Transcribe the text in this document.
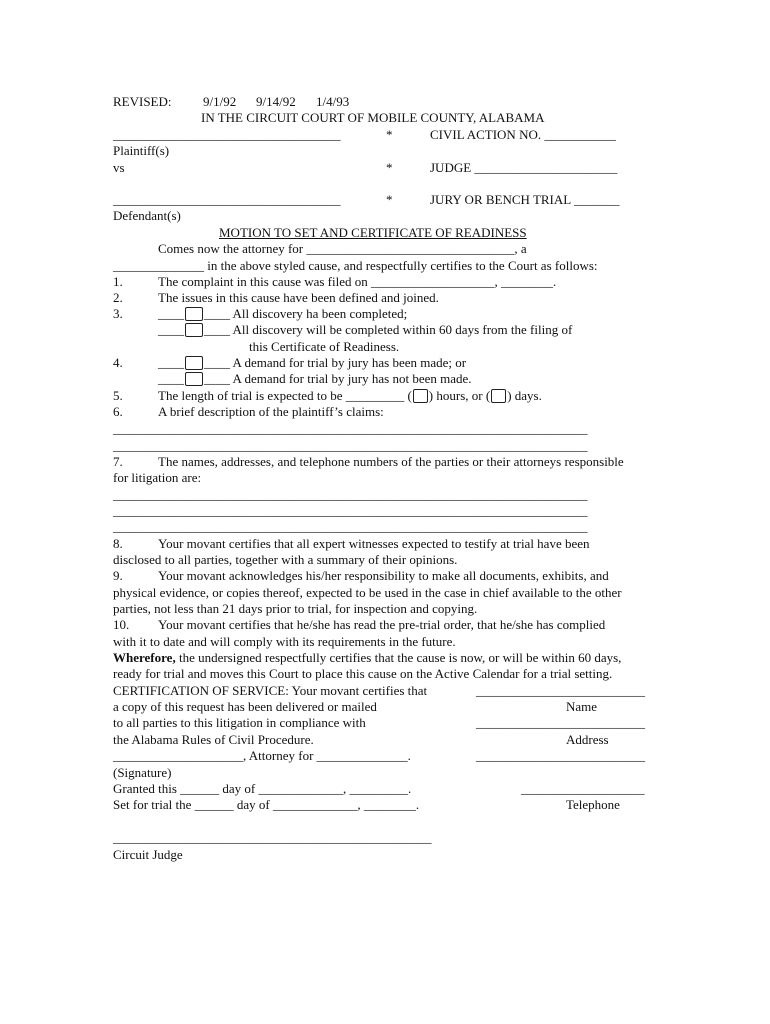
REVISED: 9/1/92 9/14/92 1/4/93
IN THE CIRCUIT COURT OF MOBILE COUNTY, ALABAMA
___________________________________	*	CIVIL ACTION NO. ___________
Plaintiff(s)
vs	*	JUDGE ______________________
___________________________________	*	JURY OR BENCH TRIAL _______
Defendant(s)
MOTION TO SET AND CERTIFICATE OF READINESS
Comes now the attorney for ________________________________, a
______________ in the above styled cause, and respectfully certifies to the Court as follows:
1.	The complaint in this cause was filed on ___________________, ________.
2.	The issues in this cause have been defined and joined.
3.	____ ____ All discovery ha been completed;
____ ____ All discovery will be completed within 60 days from the filing of
this Certificate of Readiness.
4.	____ ____ A demand for trial by jury has been made; or
____ ____ A demand for trial by jury has not been made.
5.	The length of trial is expected to be _________ ( ) hours, or ( ) days.
6.	A brief description of the plaintiff’s claims:
_________________________________________________________________________
_________________________________________________________________________
7.	The names, addresses, and telephone numbers of the parties or their attorneys responsible
for litigation are:
_________________________________________________________________________
_________________________________________________________________________
_________________________________________________________________________
8.	Your movant certifies that all expert witnesses expected to testify at trial have been
disclosed to all parties, together with a summary of their opinions.
9.	Your movant acknowledges his/her responsibility to make all documents, exhibits, and
physical evidence, or copies thereof, expected to be used in the case in chief available to the other
parties, not less than 21 days prior to trial, for inspection and copying.
10. Your movant certifies that he/she has read the pre-trial order, that he/she has complied
with it to date and will comply with its requirements in the future.
Wherefore, the undersigned respectfully certifies that the cause is now, or will be within 60 days,
ready for trial and moves this Court to place this cause on the Active Calendar for a trial setting.
CERTIFICATION OF SERVICE: Your movant certifies that
a copy of this request has been delivered or mailed
to all parties to this litigation in compliance with
the Alabama Rules of Civil Procedure.
____________________, Attorney for ______________.
(Signature)
Granted this ______ day of _____________, _________.
Set for trial the ______ day of _____________, ________.
__________________________
Name
__________________________
Address
__________________________
___________________
Telephone
_________________________________________________
Circuit Judge
